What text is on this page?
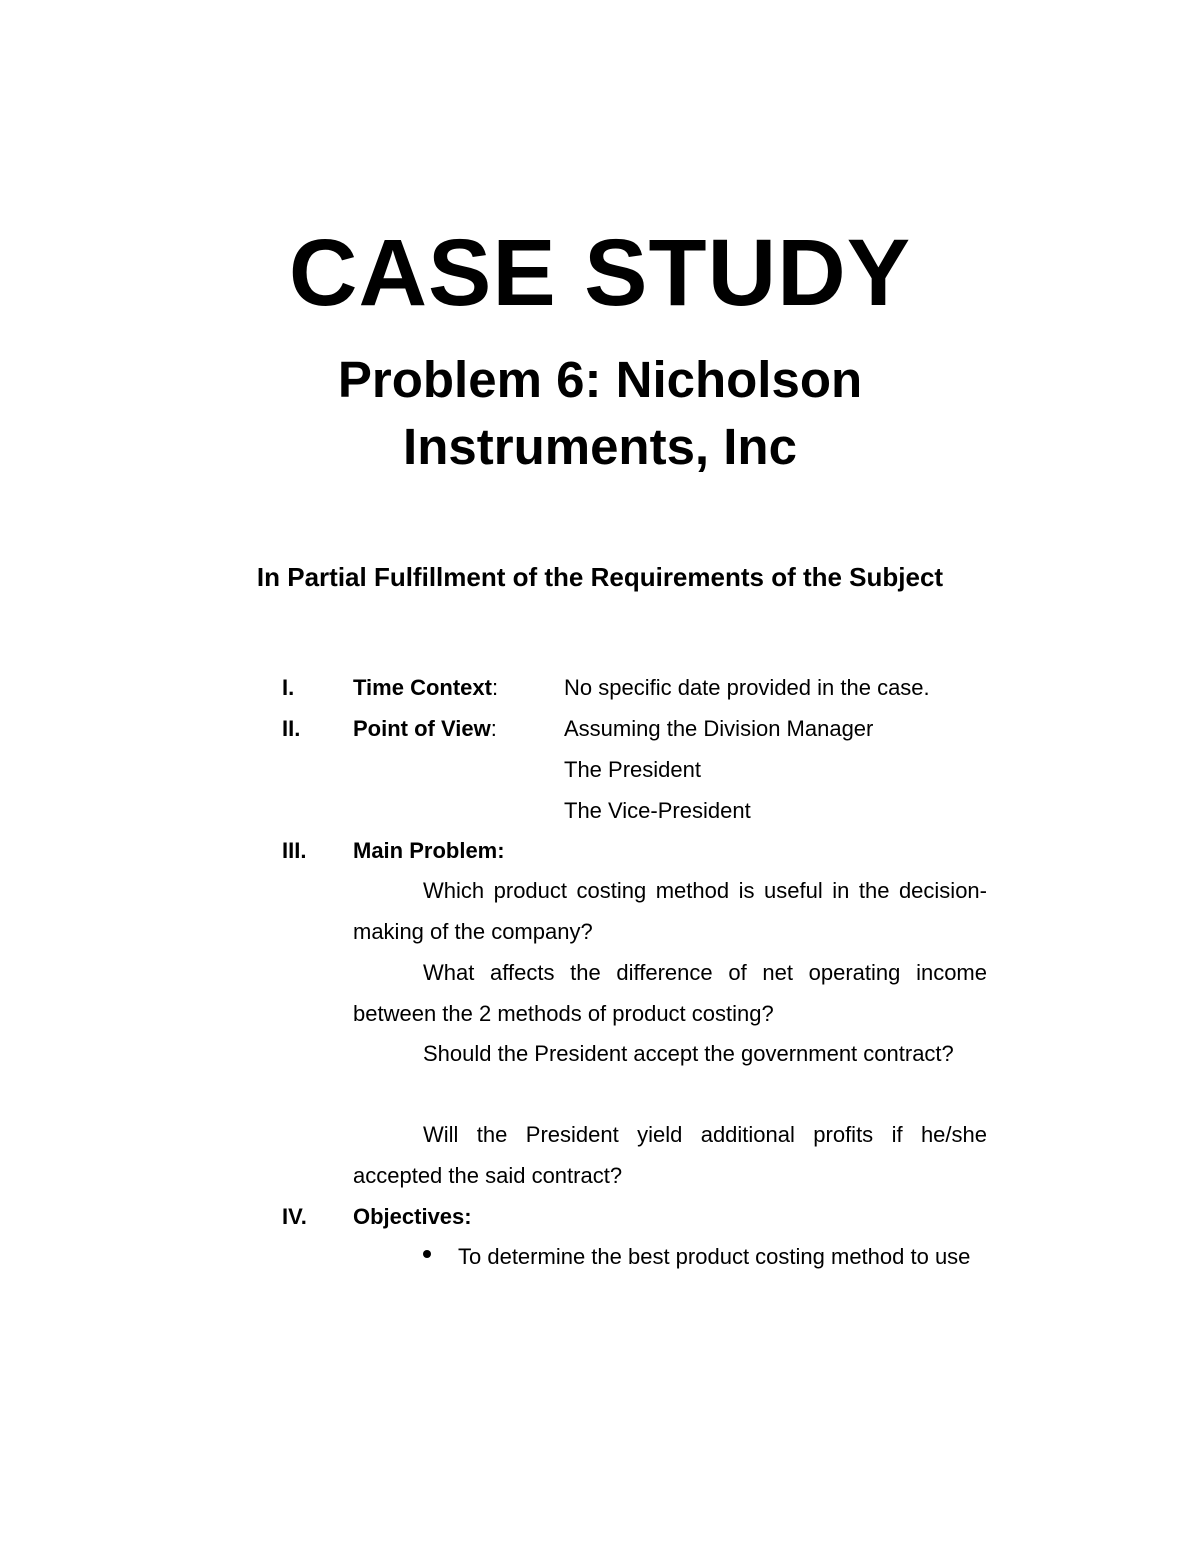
CASE STUDY
Problem 6: Nicholson
Instruments, Inc
In Partial Fulfillment of the Requirements of the Subject
I.	Time Context:	No specific date provided in the case.
II. Point of View:	Assuming the Division Manager
The President
The Vice-President
III. Main Problem:

Which product costing method is useful in the decision-making of the company?

What affects the difference of net operating income between the 2 methods of product costing?

Should the President accept the government contract?

Will the President yield additional profits if he/she accepted the said contract?

IV. Objectives:

To determine the best product costing method to use
